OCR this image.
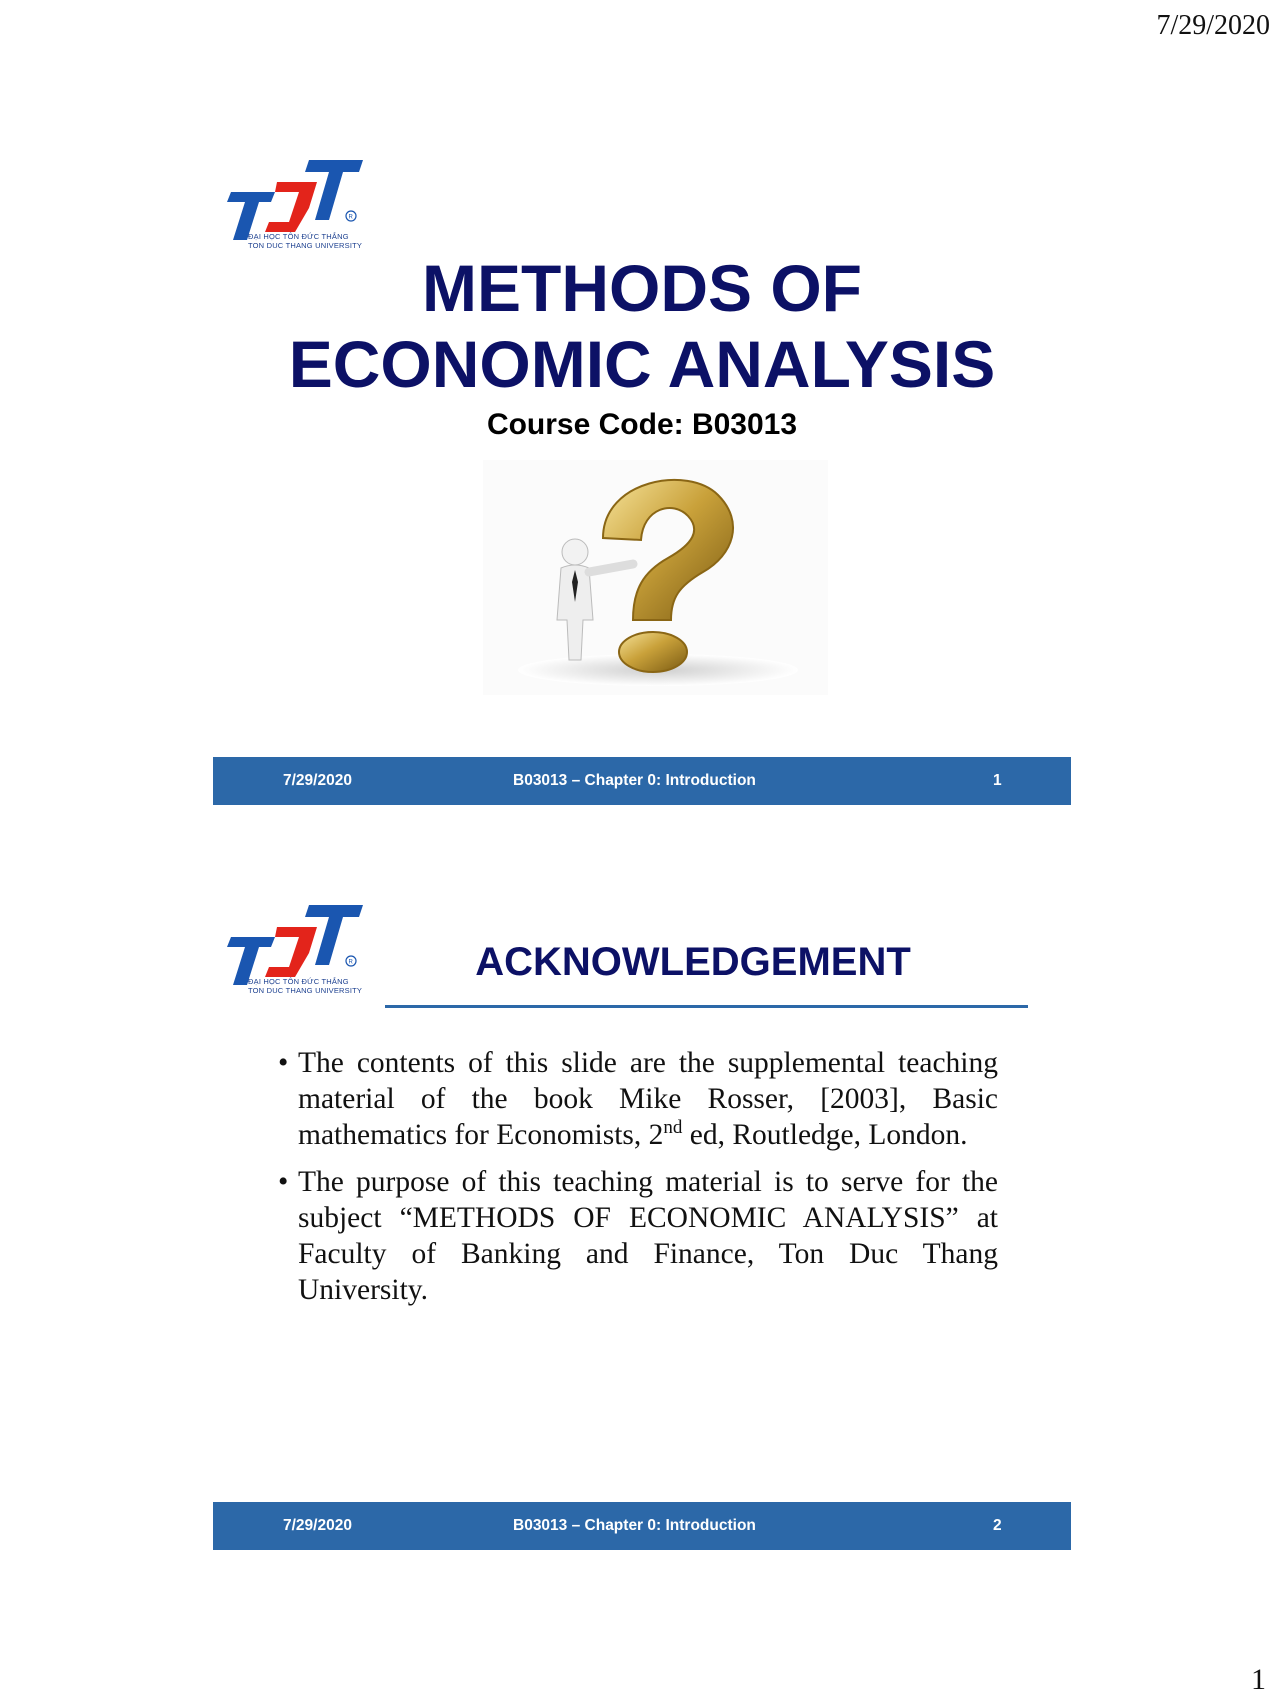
7/29/2020
R
ĐẠI HỌC TÔN ĐỨC THẮNG
TON DUC THANG UNIVERSITY
METHODS OF
ECONOMIC ANALYSIS

Course Code: B03013

7/29/2020	B03013 – Chapter 0: Introduction	1
R
ĐẠI HỌC TÔN ĐỨC THẮNG
TON DUC THANG UNIVERSITY
ACKNOWLEDGEMENT
• The contents of this slide are the supplemental teaching material of the book Mike Rosser, [2003], Basic mathematics for Economists, 2nd ed, Routledge, London.
• The purpose of this teaching material is to serve for the subject “METHODS OF ECONOMIC ANALYSIS” at Faculty of Banking and Finance, Ton Duc Thang University.
7/29/2020	B03013 – Chapter 0: Introduction	2
1
